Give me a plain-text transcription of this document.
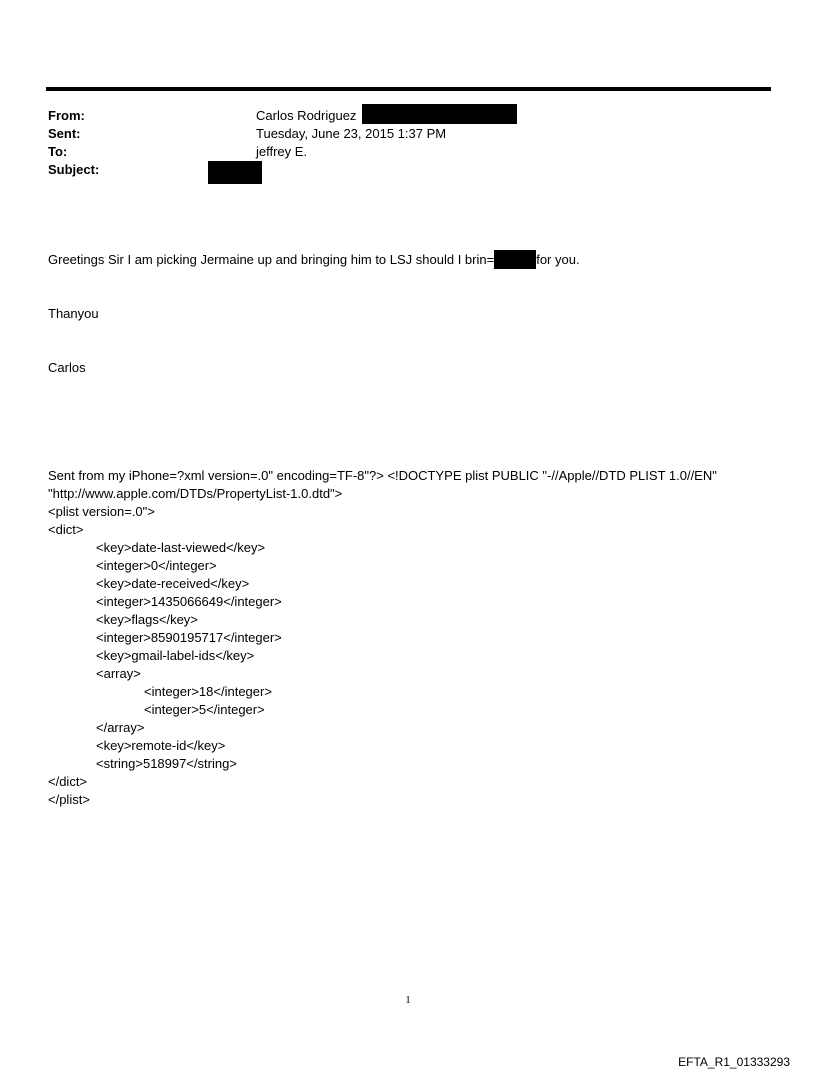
From:	Carlos Rodriguez
Sent:	Tuesday, June 23, 2015 1:37 PM
To:	jeffrey E.
Subject:

Greetings Sir I am picking Jermaine up and bringing him to LSJ should I brin=	for you.

Thanyou

Carlos

Sent from my iPhone=?xml version=.0" encoding=TF-8"?> <!DOCTYPE plist PUBLIC "-//Apple//DTD PLIST 1.0//EN"
"http://www.apple.com/DTDs/PropertyList-1.0.dtd">
<plist version=.0">
<dict>
<key>date-last-viewed</key>
<integer>0</integer>
<key>date-received</key>
<integer>1435066649</integer>
<key>flags</key>
<integer>8590195717</integer>
<key>gmail-label-ids</key>
<array>
<integer>18</integer>
<integer>5</integer>
</array>
<key>remote-id</key>
<string>518997</string>
</dict>
</plist>

1
EFTA_R1_01333293
